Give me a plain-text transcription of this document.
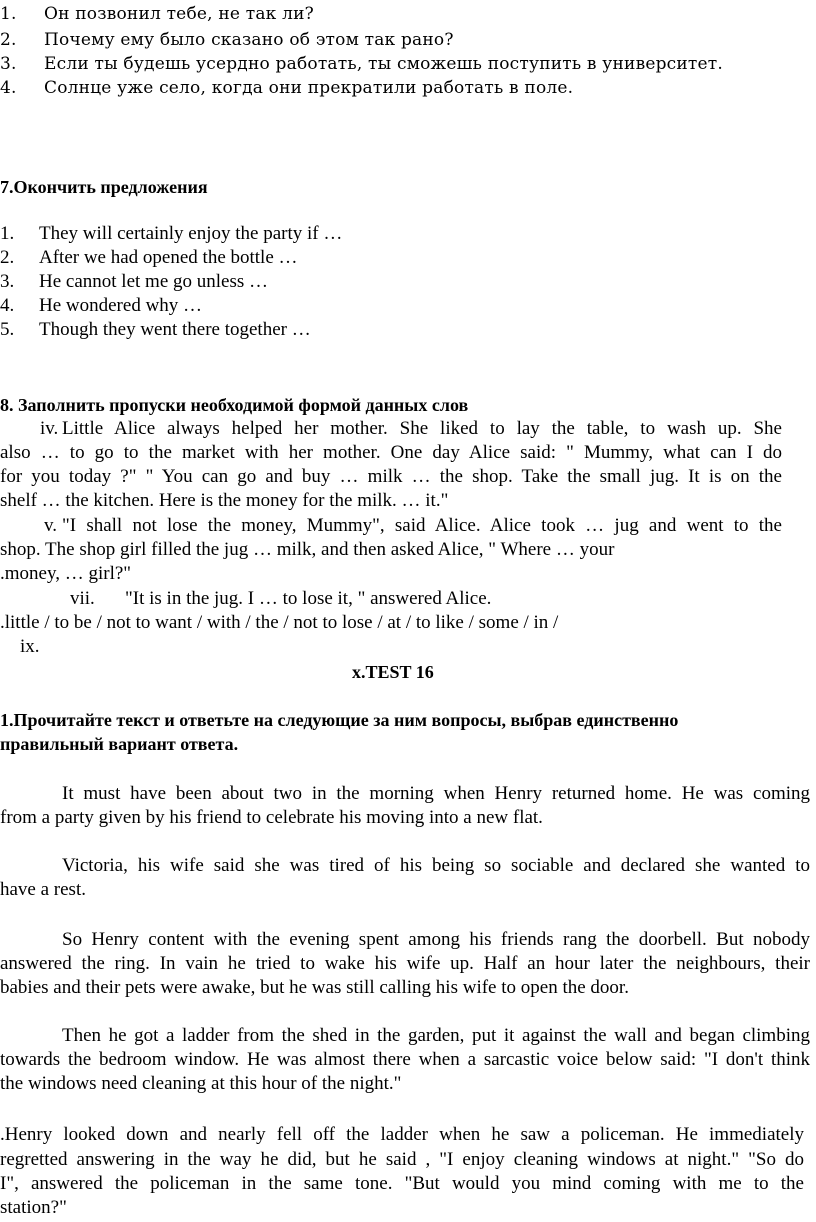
1. Он позвонил тебе, не так ли?
2. Почему ему было сказано об этом так рано?
3. Если ты будешь усердно работать, ты сможешь поступить в университет.
4. Солнце уже село, когда они прекратили работать в поле.
7.Окончить предложения
1. They will certainly enjoy the party if …
2. After we had opened the bottle …
3. He cannot let me go unless …
4. He wondered why …
5. Though they went there together …
8. Заполнить пропуски необходимой формой данных слов
iv. Little Alice always helped her mother. She liked to lay the table, to wash up. She
also … to go to the market with her mother. One day Alice said: " Mummy, what can I do
for you today ?" " You can go and buy … milk … the shop. Take the small jug. It is on the
shelf … the kitchen. Here is the money for the milk. … it."
v. "I shall not lose the money, Mummy", said Alice. Alice took … jug and went to the
shop. The shop girl filled the jug … milk, and then asked Alice, " Where … your
.money, … girl?"
vii. "It is in the jug. I … to lose it, " answered Alice.
.little / to be / not to want / with / the / not to lose / at / to like / some / in /
ix.
x.TEST 16
1.Прочитайте текст и ответьте на следующие за ним вопросы, выбрав единственно
правильный вариант ответа.
It must have been about two in the morning when Henry returned home. He was coming
from a party given by his friend to celebrate his moving into a new flat.
Victoria, his wife said she was tired of his being so sociable and declared she wanted to
have a rest.
So Henry content with the evening spent among his friends rang the doorbell. But nobody
answered the ring. In vain he tried to wake his wife up. Half an hour later the neighbours, their
babies and their pets were awake, but he was still calling his wife to open the door.
Then he got a ladder from the shed in the garden, put it against the wall and began climbing
towards the bedroom window. He was almost there when a sarcastic voice below said: "I don't think
the windows need cleaning at this hour of the night."
.Henry looked down and nearly fell off the ladder when he saw a policeman. He immediately
regretted answering in the way he did, but he said , "I enjoy cleaning windows at night." "So do
I", answered the policeman in the same tone. "But would you mind coming with me to the
station?"
